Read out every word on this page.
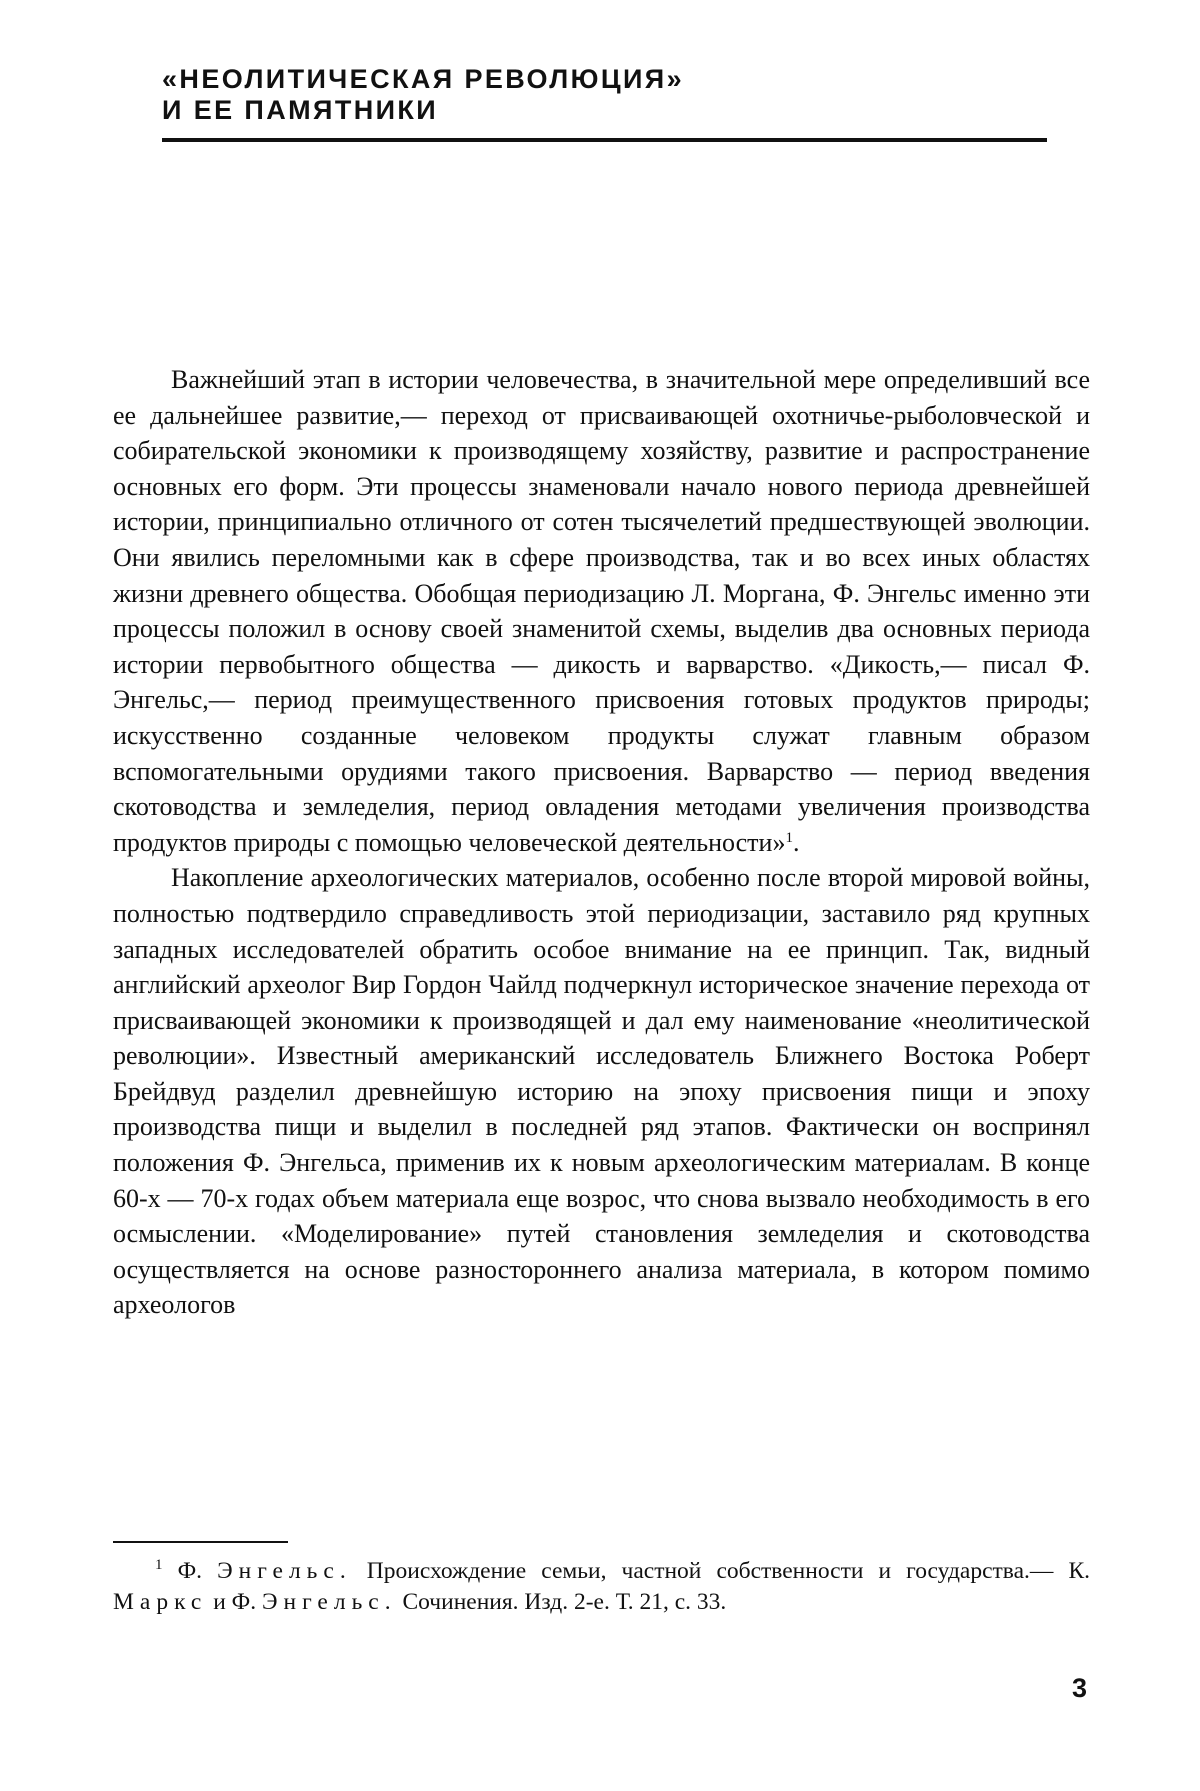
«НЕОЛИТИЧЕСКАЯ РЕВОЛЮЦИЯ»
И ЕЕ ПАМЯТНИКИ

Важнейший этап в истории человечества, в значительной мере определивший все ее дальнейшее развитие,— переход от присваивающей охотничье-рыболовческой и собирательской экономики к производящему хозяйству, развитие и распространение основных его форм. Эти процессы знаменовали начало нового периода древнейшей истории, принципиально отличного от сотен тысячелетий предшествующей эволюции. Они явились переломными как в сфере производства, так и во всех иных областях жизни древнего общества. Обобщая периодизацию Л. Моргана, Ф. Энгельс именно эти процессы положил в основу своей знаменитой схемы, выделив два основных периода истории первобытного общества — дикость и варварство. «Дикость,— писал Ф. Энгельс,— период преимущественного присвоения готовых продуктов природы; искусственно созданные человеком продукты служат главным образом вспомогательными орудиями такого присвоения. Варварство — период введения скотоводства и земледелия, период овладения методами увеличения производства продуктов природы с помощью человеческой деятельности»$^1$.

Накопление археологических материалов, особенно после второй мировой войны, полностью подтвердило справедливость этой периодизации, заставило ряд крупных западных исследователей обратить особое внимание на ее принцип. Так, видный английский археолог Вир Гордон Чайлд подчеркнул историческое значение перехода от присваивающей экономики к производящей и дал ему наименование «неолитической революции». Известный американский исследователь Ближнего Востока Роберт Брейдвуд разделил древнейшую историю на эпоху присвоения пищи и эпоху производства пищи и выделил в последней ряд этапов. Фактически он воспринял положения Ф. Энгельса, применив их к новым археологическим материалам. В конце 60-х — 70-х годах объем материала еще возрос, что снова вызвало необходимость в его осмыслении. «Моделирование» путей становления земледелия и скотоводства осуществляется на основе разностороннего анализа материала, в котором помимо археологов

$^1$ Ф. Энгельс. Происхождение семьи, частной собственности и государства.— К. Маркс и Ф. Энгельс. Сочинения. Изд. 2-е. Т. 21, с. 33.

3
